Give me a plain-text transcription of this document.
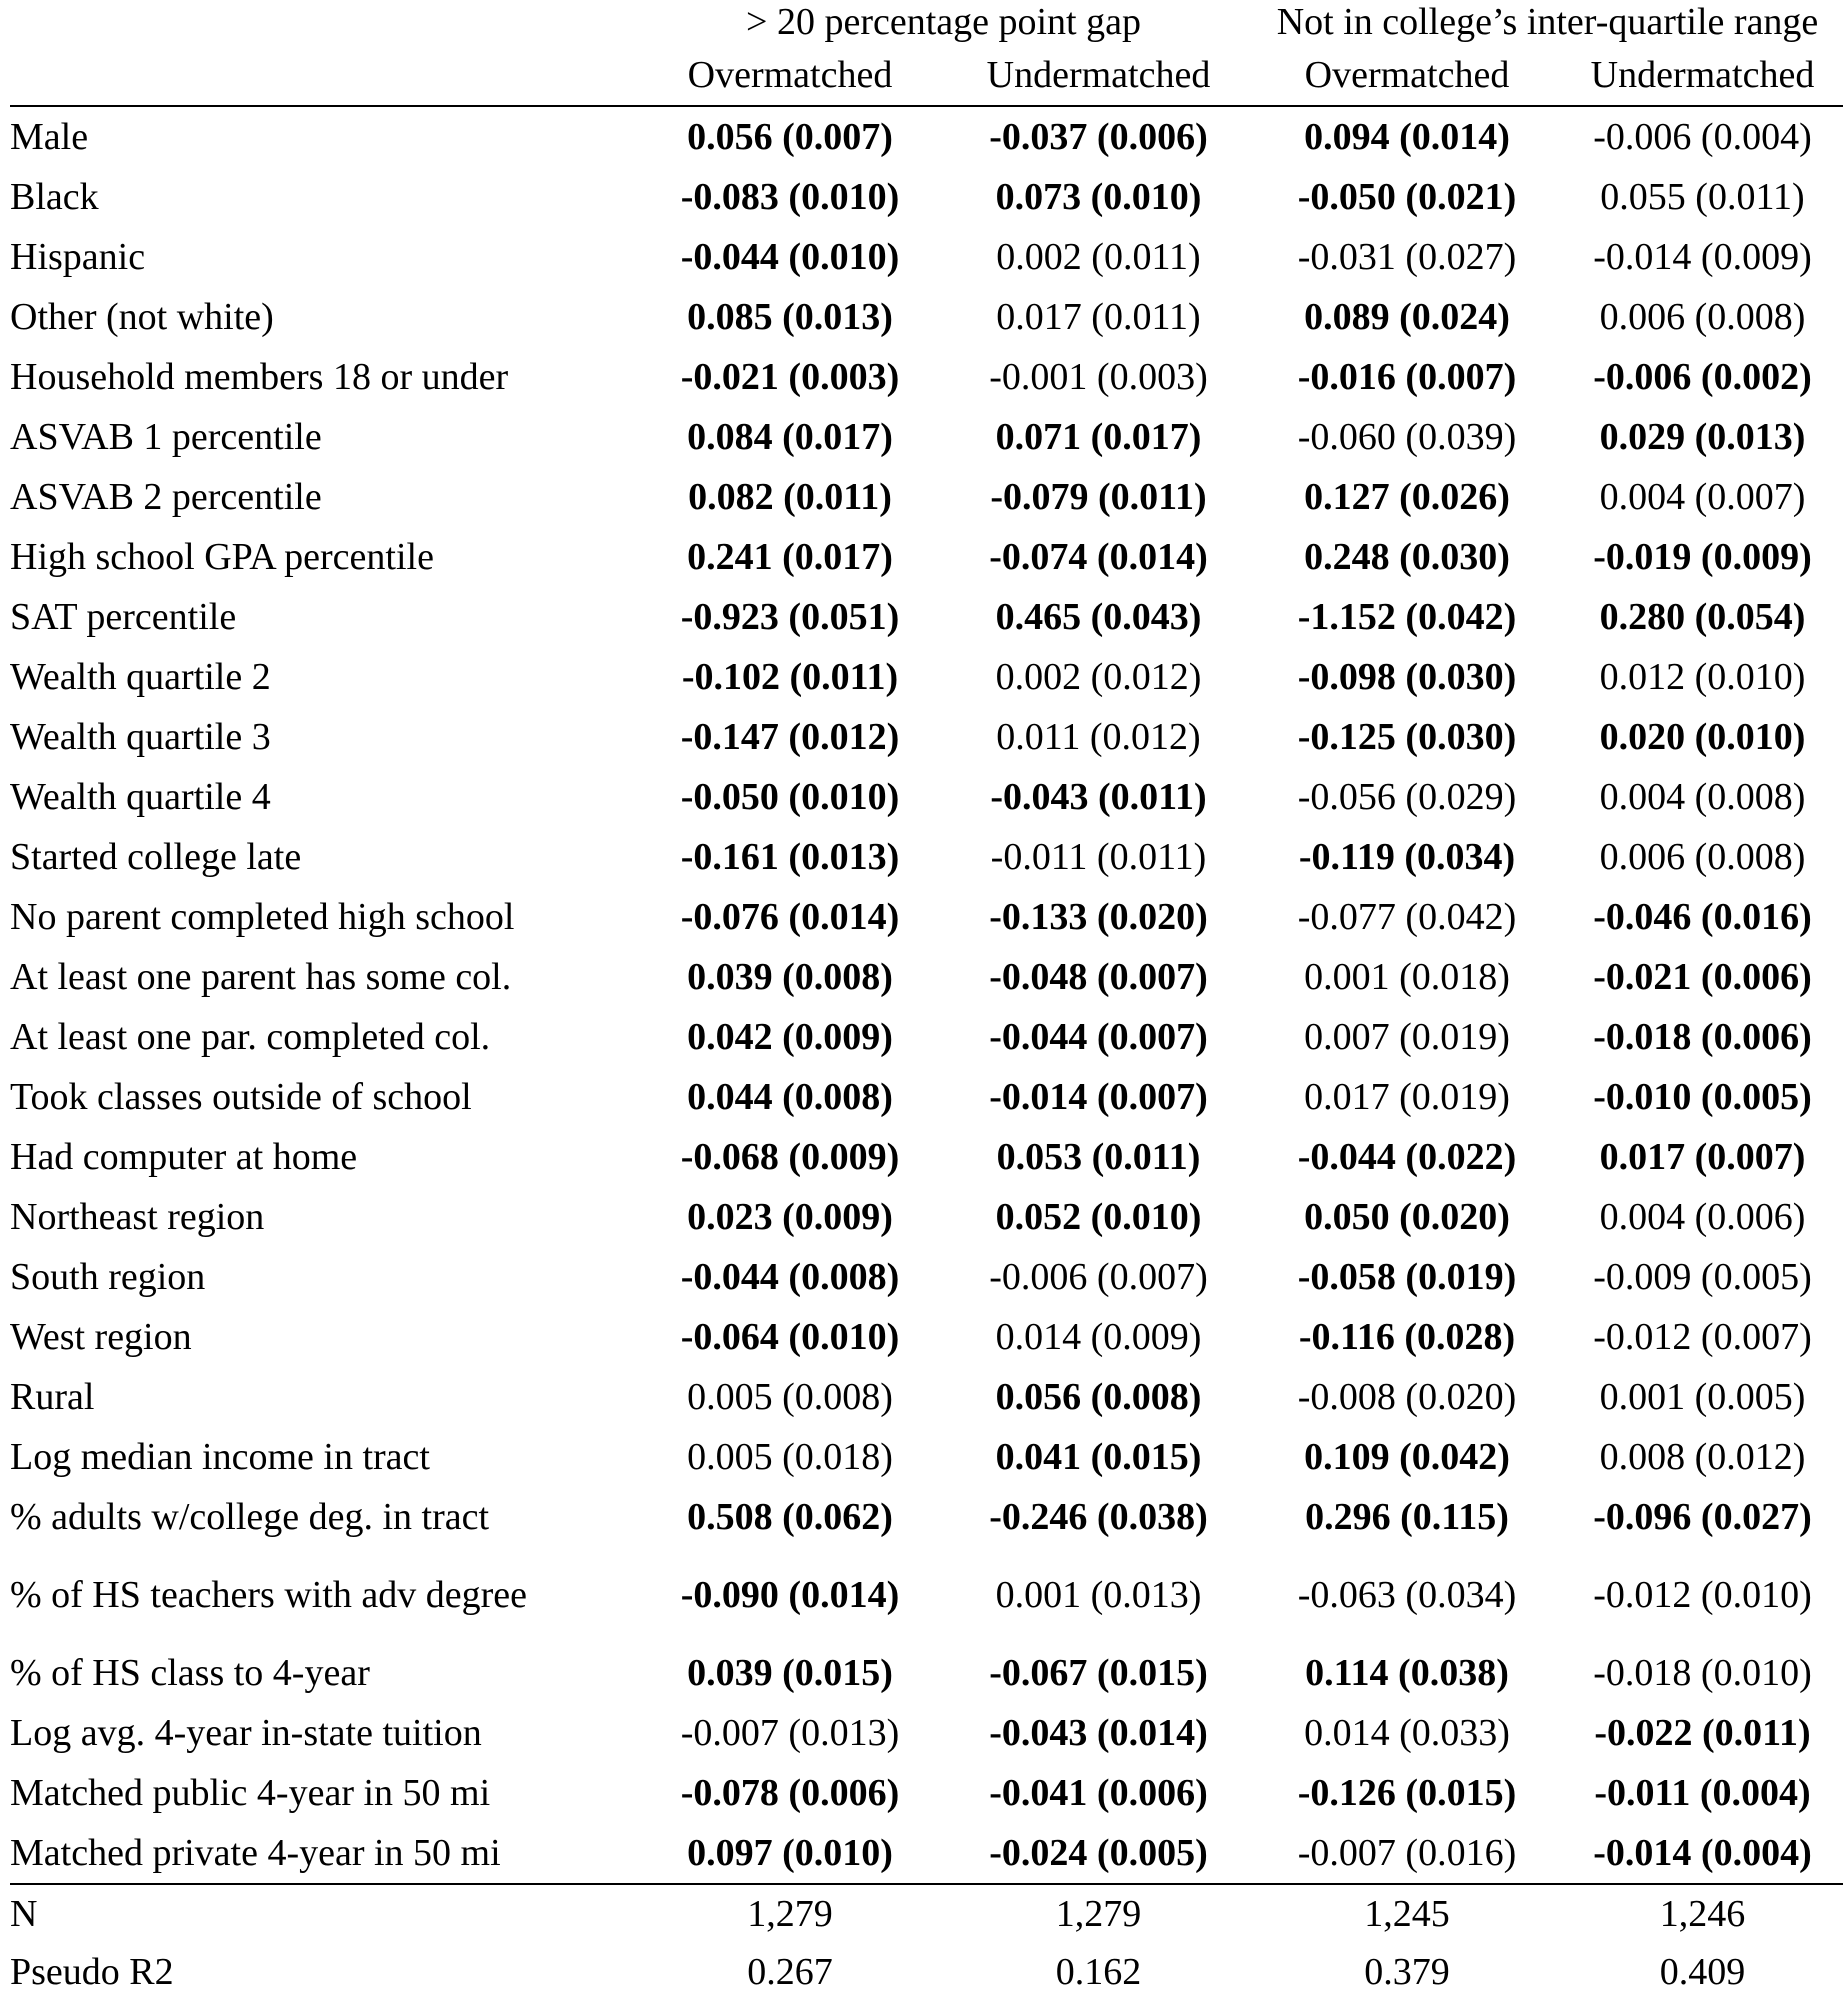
	> 20 percentage point gap		Not in college’s inter-quartile range	
	Overmatched	Undermatched	Overmatched	Undermatched
Male	0.056 (0.007)	-0.037 (0.006)	0.094 (0.014)	-0.006 (0.004)
Black	-0.083 (0.010)	0.073 (0.010)	-0.050 (0.021)	0.055 (0.011)
Hispanic	-0.044 (0.010)	0.002 (0.011)	-0.031 (0.027)	-0.014 (0.009)
Other (not white)	0.085 (0.013)	0.017 (0.011)	0.089 (0.024)	0.006 (0.008)
Household members 18 or under	-0.021 (0.003)	-0.001 (0.003)	-0.016 (0.007)	-0.006 (0.002)
ASVAB 1 percentile	0.084 (0.017)	0.071 (0.017)	-0.060 (0.039)	0.029 (0.013)
ASVAB 2 percentile	0.082 (0.011)	-0.079 (0.011)	0.127 (0.026)	0.004 (0.007)
High school GPA percentile	0.241 (0.017)	-0.074 (0.014)	0.248 (0.030)	-0.019 (0.009)
SAT percentile	-0.923 (0.051)	0.465 (0.043)	-1.152 (0.042)	0.280 (0.054)
Wealth quartile 2	-0.102 (0.011)	0.002 (0.012)	-0.098 (0.030)	0.012 (0.010)
Wealth quartile 3	-0.147 (0.012)	0.011 (0.012)	-0.125 (0.030)	0.020 (0.010)
Wealth quartile 4	-0.050 (0.010)	-0.043 (0.011)	-0.056 (0.029)	0.004 (0.008)
Started college late	-0.161 (0.013)	-0.011 (0.011)	-0.119 (0.034)	0.006 (0.008)
No parent completed high school	-0.076 (0.014)	-0.133 (0.020)	-0.077 (0.042)	-0.046 (0.016)
At least one parent has some col.	0.039 (0.008)	-0.048 (0.007)	0.001 (0.018)	-0.021 (0.006)
At least one par. completed col.	0.042 (0.009)	-0.044 (0.007)	0.007 (0.019)	-0.018 (0.006)
Took classes outside of school	0.044 (0.008)	-0.014 (0.007)	0.017 (0.019)	-0.010 (0.005)
Had computer at home	-0.068 (0.009)	0.053 (0.011)	-0.044 (0.022)	0.017 (0.007)
Northeast region	0.023 (0.009)	0.052 (0.010)	0.050 (0.020)	0.004 (0.006)
South region	-0.044 (0.008)	-0.006 (0.007)	-0.058 (0.019)	-0.009 (0.005)
West region	-0.064 (0.010)	0.014 (0.009)	-0.116 (0.028)	-0.012 (0.007)
Rural	0.005 (0.008)	0.056 (0.008)	-0.008 (0.020)	0.001 (0.005)
Log median income in tract	0.005 (0.018)	0.041 (0.015)	0.109 (0.042)	0.008 (0.012)
% adults w/college deg. in tract	0.508 (0.062)	-0.246 (0.038)	0.296 (0.115)	-0.096 (0.027)
% of HS teachers with adv degree	-0.090 (0.014)	0.001 (0.013)	-0.063 (0.034)	-0.012 (0.010)
% of HS class to 4-year	0.039 (0.015)	-0.067 (0.015)	0.114 (0.038)	-0.018 (0.010)
Log avg. 4-year in-state tuition	-0.007 (0.013)	-0.043 (0.014)	0.014 (0.033)	-0.022 (0.011)
Matched public 4-year in 50 mi	-0.078 (0.006)	-0.041 (0.006)	-0.126 (0.015)	-0.011 (0.004)
Matched private 4-year in 50 mi	0.097 (0.010)	-0.024 (0.005)	-0.007 (0.016)	-0.014 (0.004)
N	1,279	1,279	1,245	1,246
Pseudo R2	0.267	0.162	0.379	0.409
